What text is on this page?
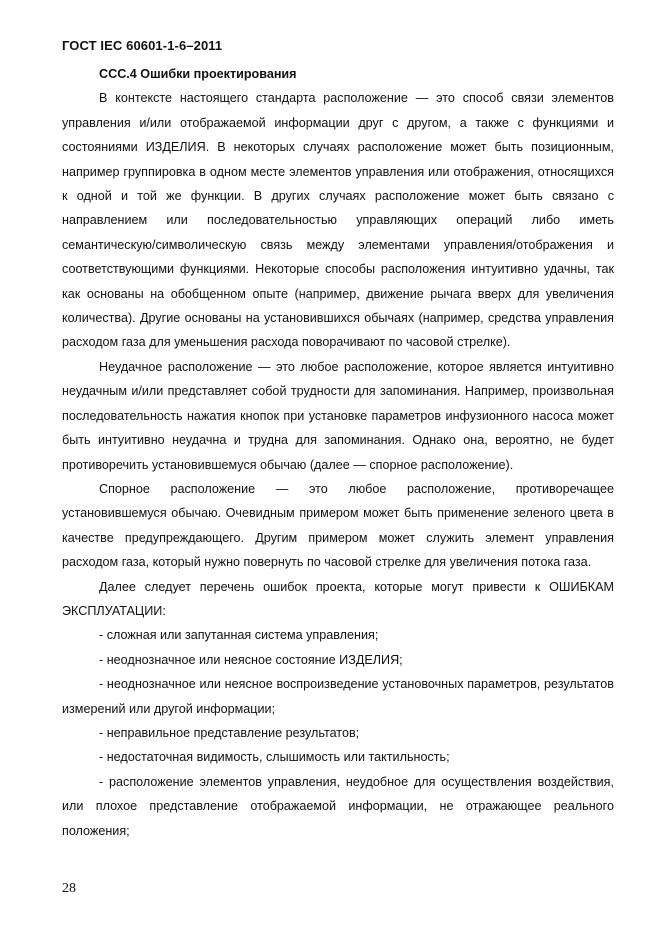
ГОСТ IEC 60601-1-6–2011

CCC.4 Ошибки проектирования

В контексте настоящего стандарта расположение — это способ связи элементов управления и/или отображаемой информации друг с другом, а также с функциями и состояниями ИЗДЕЛИЯ. В некоторых случаях расположение может быть позиционным, например группировка в одном месте элементов управления или отображения, относящихся к одной и той же функции. В других случаях расположение может быть связано с направлением или последовательностью управляющих операций либо иметь семантическую/символическую связь между элементами управления/отображения и соответствующими функциями. Некоторые способы расположения интуитивно удачны, так как основаны на обобщенном опыте (например, движение рычага вверх для увеличения количества). Другие основаны на установившихся обычаях (например, средства управления расходом газа для уменьшения расхода поворачивают по часовой стрелке).

Неудачное расположение — это любое расположение, которое является интуитивно неудачным и/или представляет собой трудности для запоминания. Например, произвольная последовательность нажатия кнопок при установке параметров инфузионного насоса может быть интуитивно неудачна и трудна для запоминания. Однако она, вероятно, не будет противоречить установившемуся обычаю (далее — спорное расположение).

Спорное расположение — это любое расположение, противоречащее установившемуся обычаю. Очевидным примером может быть применение зеленого цвета в качестве предупреждающего. Другим примером может служить элемент управления расходом газа, который нужно повернуть по часовой стрелке для увеличения потока газа.

Далее следует перечень ошибок проекта, которые могут привести к ОШИБКАМ ЭКСПЛУАТАЦИИ:

- сложная или запутанная система управления;

- неоднозначное или неясное состояние ИЗДЕЛИЯ;

- неоднозначное или неясное воспроизведение установочных параметров, результатов измерений или другой информации;

- неправильное представление результатов;

- недостаточная видимость, слышимость или тактильность;

- расположение элементов управления, неудобное для осуществления воздействия, или плохое представление отображаемой информации, не отражающее реального положения;

28
